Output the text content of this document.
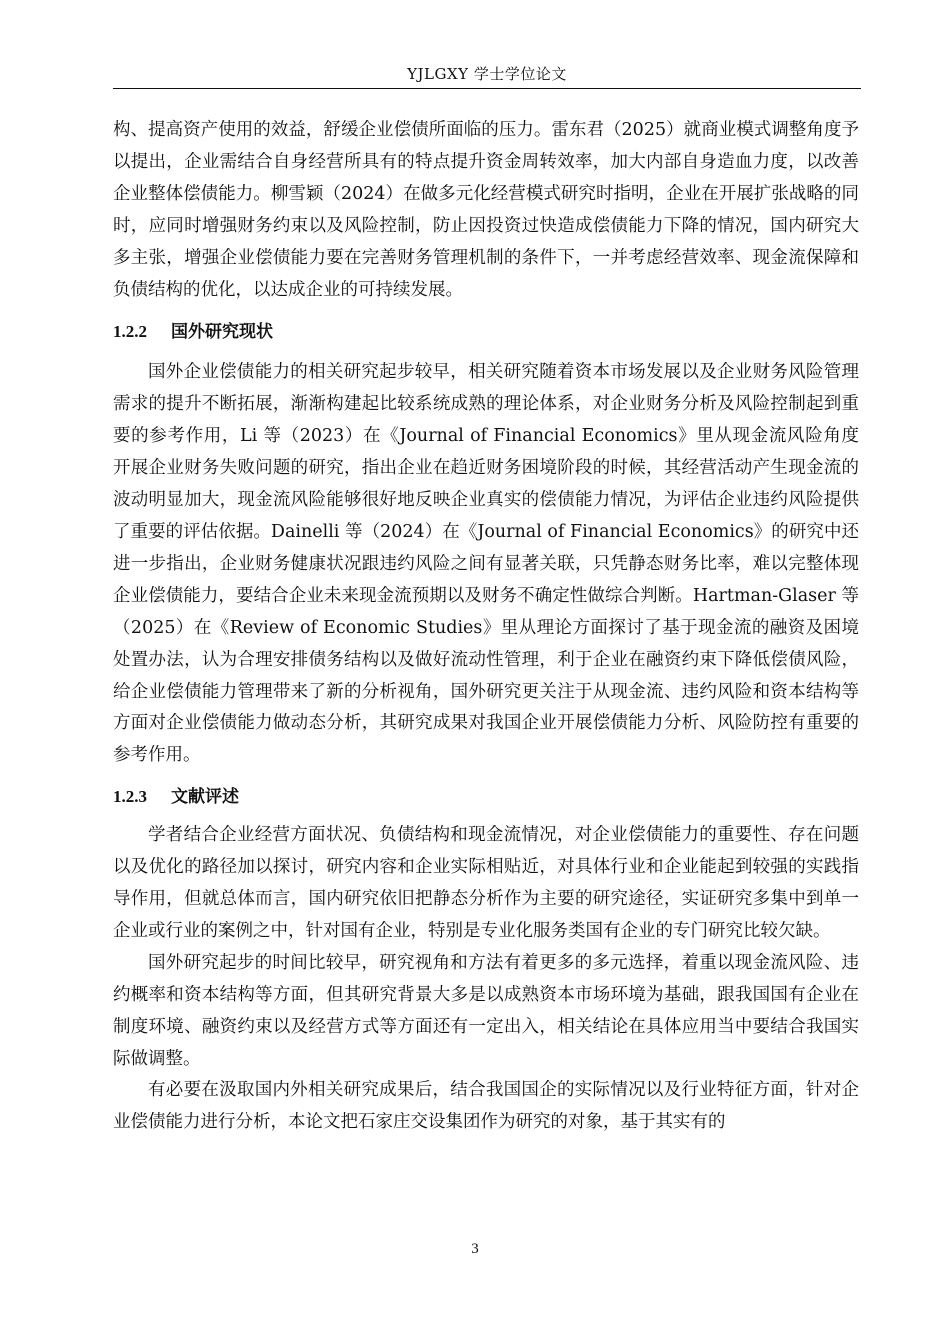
YJLGXY 学士学位论文

构、提高资产使用的效益，舒缓企业偿债所面临的压力。雷东君（2025）就商业模式调整角度予以提出，企业需结合自身经营所具有的特点提升资金周转效率，加大内部自身造血力度，以改善企业整体偿债能力。柳雪颖（2024）在做多元化经营模式研究时指明，企业在开展扩张战略的同时，应同时增强财务约束以及风险控制，防止因投资过快造成偿债能力下降的情况，国内研究大多主张，增强企业偿债能力要在完善财务管理机制的条件下，一并考虑经营效率、现金流保障和负债结构的优化，以达成企业的可持续发展。

1.2.2 国外研究现状

国外企业偿债能力的相关研究起步较早，相关研究随着资本市场发展以及企业财务风险管理需求的提升不断拓展，渐渐构建起比较系统成熟的理论体系，对企业财务分析及风险控制起到重要的参考作用，Li 等（2023）在《Journal of Financial Economics》里从现金流风险角度开展企业财务失败问题的研究，指出企业在趋近财务困境阶段的时候，其经营活动产生现金流的波动明显加大，现金流风险能够很好地反映企业真实的偿债能力情况，为评估企业违约风险提供了重要的评估依据。Dainelli 等（2024）在《Journal of Financial Economics》的研究中还进一步指出，企业财务健康状况跟违约风险之间有显著关联，只凭静态财务比率，难以完整体现企业偿债能力，要结合企业未来现金流预期以及财务不确定性做综合判断。Hartman-Glaser 等（2025）在《Review of Economic Studies》里从理论方面探讨了基于现金流的融资及困境处置办法，认为合理安排债务结构以及做好流动性管理，利于企业在融资约束下降低偿债风险，给企业偿债能力管理带来了新的分析视角，国外研究更关注于从现金流、违约风险和资本结构等方面对企业偿债能力做动态分析，其研究成果对我国企业开展偿债能力分析、风险防控有重要的参考作用。

1.2.3 文献评述

学者结合企业经营方面状况、负债结构和现金流情况，对企业偿债能力的重要性、存在问题以及优化的路径加以探讨，研究内容和企业实际相贴近，对具体行业和企业能起到较强的实践指导作用，但就总体而言，国内研究依旧把静态分析作为主要的研究途径，实证研究多集中到单一企业或行业的案例之中，针对国有企业，特别是专业化服务类国有企业的专门研究比较欠缺。

国外研究起步的时间比较早，研究视角和方法有着更多的多元选择，着重以现金流风险、违约概率和资本结构等方面，但其研究背景大多是以成熟资本市场环境为基础，跟我国国有企业在制度环境、融资约束以及经营方式等方面还有一定出入，相关结论在具体应用当中要结合我国实际做调整。

有必要在汲取国内外相关研究成果后，结合我国国企的实际情况以及行业特征方面，针对企业偿债能力进行分析，本论文把石家庄交设集团作为研究的对象，基于其实有的

3
